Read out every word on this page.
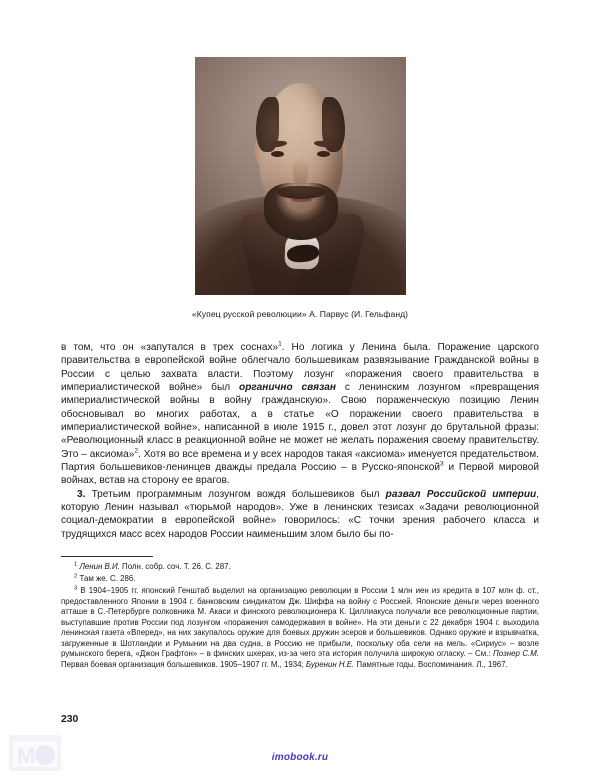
«Купец русской революции» А. Парвус (И. Гельфанд)

в том, что он «запутался в трех соснах»$^1$. Но логика у Ленина была. Поражение царского правительства в европейской войне облегчало большевикам развязывание Гражданской войны в России с целью захвата власти. Поэтому лозунг «поражения своего правительства в империалистической войне» был органично связан с ленинским лозунгом «превращения империалистической войны в войну гражданскую». Свою пораженческую позицию Ленин обосновывал во многих работах, а в статье «О поражении своего правительства в империалистической войне», написанной в июле 1915 г., довел этот лозунг до брутальной фразы: «Революционный класс в реакционной войне не может не желать поражения своему правительству. Это – аксиома»$^2$. Хотя во все времена и у всех народов такая «аксиома» именуется предательством. Партия большевиков-ленинцев дважды предала Россию – в Русско-японской$^3$ и Первой мировой войнах, встав на сторону ее врагов.

3. Третьим программным лозунгом вождя большевиков был развал Российской империи, которую Ленин называл «тюрьмой народов». Уже в ленинских тезисах «Задачи революционной социал-демократии в европейской войне» говорилось: «С точки зрения рабочего класса и трудящихся масс всех народов России наименьшим злом было бы по-

$^1$ Ленин В.И. Полн. собр. соч. Т. 26. С. 287.

$^2$ Там же. С. 286.

$^3$ В 1904–1905 гг. японский Генштаб выделил на организацию революции в России 1 млн иен из кредита в 107 млн ф. ст., предоставленного Японии в 1904 г. банковским синдикатом Дж. Шиффа на войну с Россией. Японские деньги через военного атташе в С.-Петербурге полковника М. Акаси и финского революционера К. Циллиакуса получали все революционные партии, выступавшие против России под лозунгом «поражения самодержавия в войне». На эти деньги с 22 декабря 1904 г. выходила ленинская газета «Вперед», на них закупалось оружие для боевых дружин эсеров и большевиков. Однако оружие и взрывчатка, загруженные в Шотландии и Румынии на два судна, в Россию не прибыли, поскольку оба сели на мель. «Сириус» – возле румынского берега, «Джон Графтон» – в финских шхерах, из-за чего эта история получила широкую огласку. – См.: Познер С.М. Первая боевая организация большевиков. 1905–1907 гг. М., 1934; Буренин Н.Е. Памятные годы. Воспоминания. Л., 1967.

230
M	imobook.ru
